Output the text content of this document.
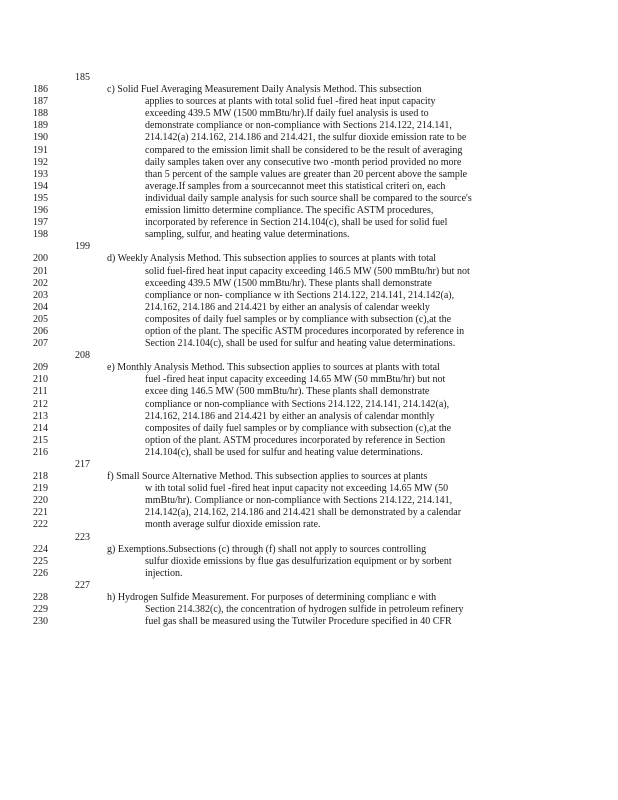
185
186	c) Solid Fuel Averaging Measurement Daily Analysis Method. This subsection
187	applies to sources at plants with total solid fuel -fired heat input capacity
188	exceeding 439.5 MW (1500 mmBtu/hr).If daily fuel analysis is used to
189	demonstrate compliance or non-compliance with Sections 214.122, 214.141,
190	214.142(a) 214.162, 214.186 and 214.421, the sulfur dioxide emission rate to be
191	compared to the emission limit shall be considered to be the result of averaging
192	daily samples taken over any consecutive two -month period provided no more
193	than 5 percent of the sample values are greater than 20 percent above the sample
194	average.If samples from a sourcecannot meet this statistical criteri on, each
195	individual daily sample analysis for such source shall be compared to the source's
196	emission limitto determine compliance. The specific ASTM procedures,
197	incorporated by reference in Section 214.104(c), shall be used for solid fuel
198	sampling, sulfur, and heating value determinations.
199
200	d) Weekly Analysis Method. This subsection applies to sources at plants with total
201	solid fuel-fired heat input capacity exceeding 146.5 MW (500 mmBtu/hr) but not
202	exceeding 439.5 MW (1500 mmBtu/hr). These plants shall demonstrate
203	compliance or non- compliance w ith Sections 214.122, 214.141, 214.142(a),
204	214.162, 214.186 and 214.421 by either an analysis of calendar weekly
205	composites of daily fuel samples or by compliance with subsection (c),at the
206	option of the plant. The specific ASTM procedures incorporated by reference in
207	Section 214.104(c), shall be used for sulfur and heating value determinations.
208
209	e) Monthly Analysis Method. This subsection applies to sources at plants with total
210	fuel -fired heat input capacity exceeding 14.65 MW (50 mmBtu/hr) but not
211	excee ding 146.5 MW (500 mmBtu/hr). These plants shall demonstrate
212	compliance or non-compliance with Sections 214.122, 214.141, 214.142(a),
213	214.162, 214.186 and 214.421 by either an analysis of calendar monthly
214	composites of daily fuel samples or by compliance with subsection (c),at the
215	option of the plant. ASTM procedures incorporated by reference in Section
216	214.104(c), shall be used for sulfur and heating value determinations.
217
218	f) Small Source Alternative Method. This subsection applies to sources at plants
219	w ith total solid fuel -fired heat input capacity not exceeding 14.65 MW (50
220	mmBtu/hr). Compliance or non-compliance with Sections 214.122, 214.141,
221	214.142(a), 214.162, 214.186 and 214.421 shall be demonstrated by a calendar
222	month average sulfur dioxide emission rate.
223
224	g) Exemptions.Subsections (c) through (f) shall not apply to sources controlling
225	sulfur dioxide emissions by flue gas desulfurization equipment or by sorbent
226	injection.
227
228	h) Hydrogen Sulfide Measurement. For purposes of determining complianc e with
229	Section 214.382(c), the concentration of hydrogen sulfide in petroleum refinery
230	fuel gas shall be measured using the Tutwiler Procedure specified in 40 CFR
